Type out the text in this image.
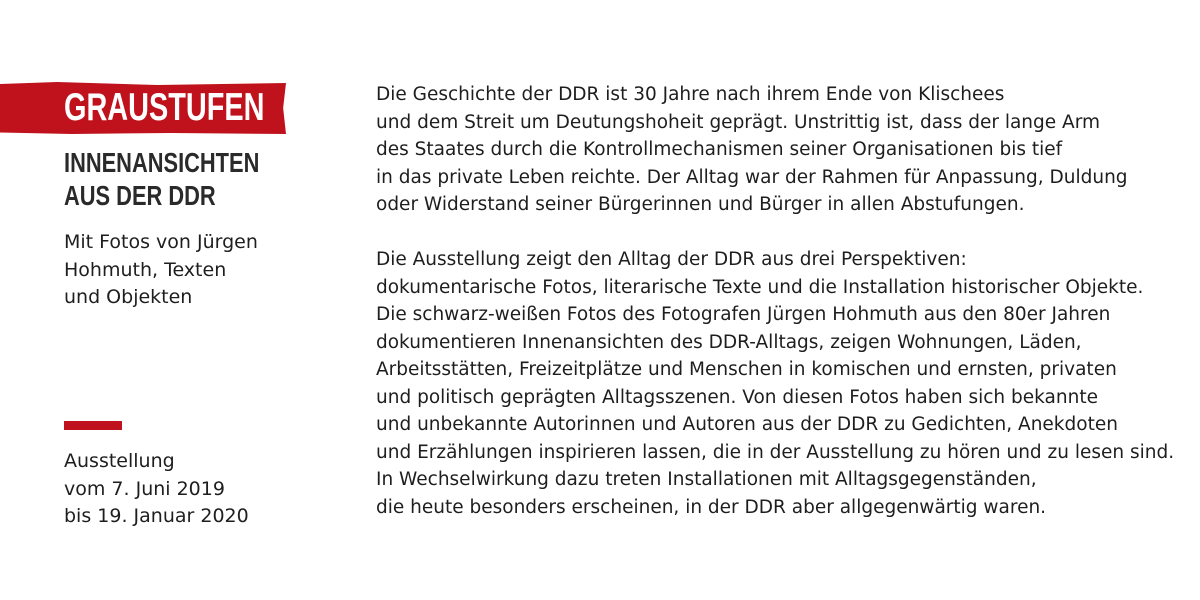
GRAUSTUFEN
INNENANSICHTEN
AUS DER DDR
Mit Fotos von Jürgen
Hohmuth, Texten
und Objekten
Ausstellung
vom 7. Juni 2019
bis 19. Januar 2020

Die Geschichte der DDR ist 30 Jahre nach ihrem Ende von Klischees
und dem Streit um Deutungshoheit geprägt. Unstrittig ist, dass der lange Arm
des Staates durch die Kontrollmechanismen seiner Organisationen bis tief
in das private Leben reichte. Der Alltag war der Rahmen für Anpassung, Duldung
oder Widerstand seiner Bürgerinnen und Bürger in allen Abstufungen.

Die Ausstellung zeigt den Alltag der DDR aus drei Perspektiven:
dokumentarische Fotos, literarische Texte und die Installation historischer Objekte.
Die schwarz-weißen Fotos des Fotografen Jürgen Hohmuth aus den 80er Jahren
dokumentieren Innenansichten des DDR-Alltags, zeigen Wohnungen, Läden,
Arbeitsstätten, Freizeitplätze und Menschen in komischen und ernsten, privaten
und politisch geprägten Alltagsszenen. Von diesen Fotos haben sich bekannte
und unbekannte Autorinnen und Autoren aus der DDR zu Gedichten, Anekdoten
und Erzählungen inspirieren lassen, die in der Ausstellung zu hören und zu lesen sind.
In Wechselwirkung dazu treten Installationen mit Alltagsgegenständen,
die heute besonders erscheinen, in der DDR aber allgegenwärtig waren.
